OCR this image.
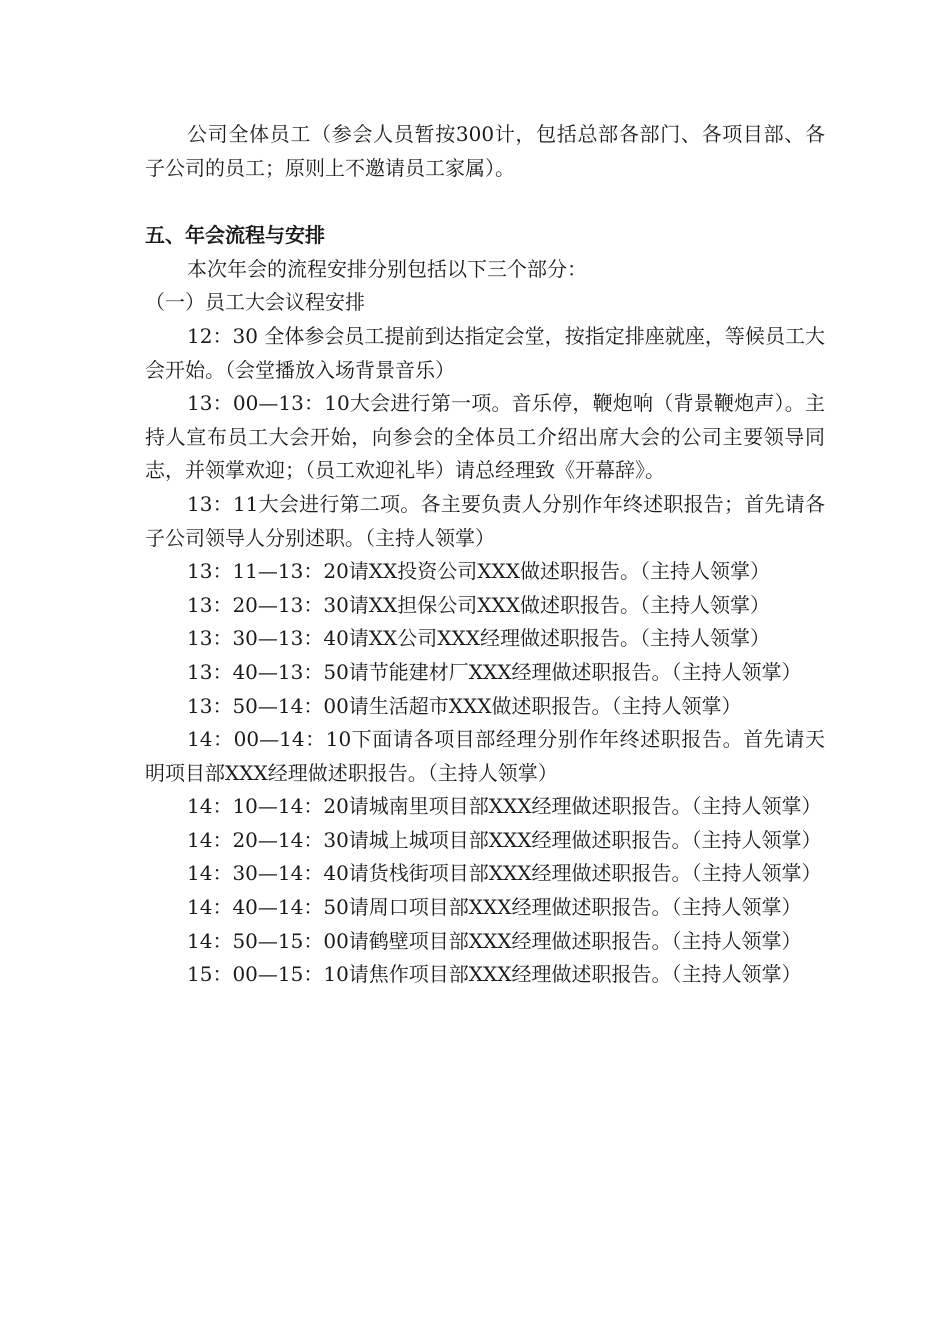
公司全体员工（参会人员暂按300计，包括总部各部门、各项目部、各子公司的员工；原则上不邀请员工家属）。

五、年会流程与安排

本次年会的流程安排分别包括以下三个部分：

（一）员工大会议程安排

12：30 全体参会员工提前到达指定会堂，按指定排座就座，等候员工大会开始。（会堂播放入场背景音乐）

13：00—13：10大会进行第一项。音乐停，鞭炮响（背景鞭炮声）。主持人宣布员工大会开始，向参会的全体员工介绍出席大会的公司主要领导同志，并领掌欢迎；（员工欢迎礼毕）请总经理致《开幕辞》。

13：11大会进行第二项。各主要负责人分别作年终述职报告；首先请各子公司领导人分别述职。（主持人领掌）

13：11—13：20请XX投资公司XXX做述职报告。（主持人领掌）

13：20—13：30请XX担保公司XXX做述职报告。（主持人领掌）

13：30—13：40请XX公司XXX经理做述职报告。（主持人领掌）

13：40—13：50请节能建材厂XXX经理做述职报告。（主持人领掌）

13：50—14：00请生活超市XXX做述职报告。（主持人领掌）

14：00—14：10下面请各项目部经理分别作年终述职报告。首先请天明项目部XXX经理做述职报告。（主持人领掌）

14：10—14：20请城南里项目部XXX经理做述职报告。（主持人领掌）

14：20—14：30请城上城项目部XXX经理做述职报告。（主持人领掌）

14：30—14：40请货栈街项目部XXX经理做述职报告。（主持人领掌）

14：40—14：50请周口项目部XXX经理做述职报告。（主持人领掌）

14：50—15：00请鹤壁项目部XXX经理做述职报告。（主持人领掌）

15：00—15：10请焦作项目部XXX经理做述职报告。（主持人领掌）
